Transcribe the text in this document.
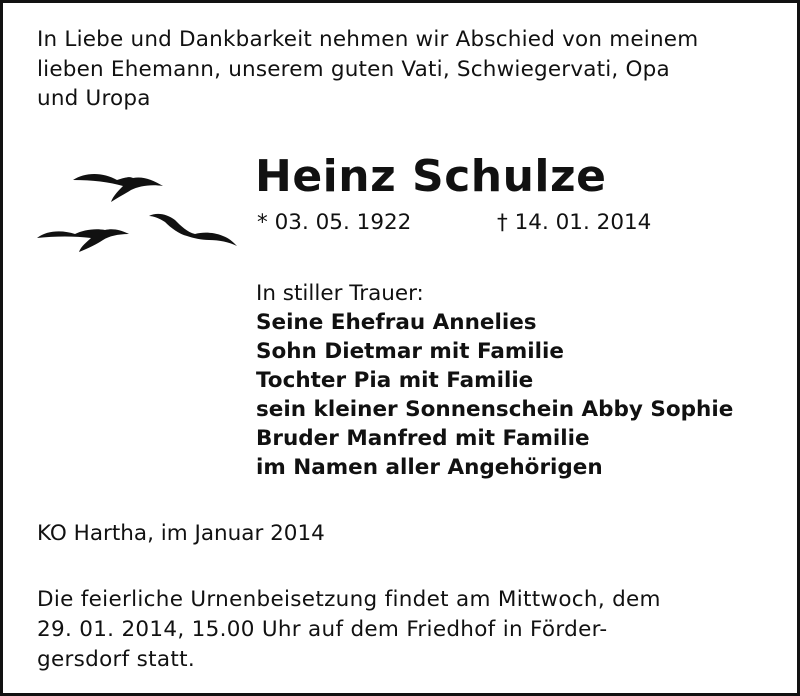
In Liebe und Dankbarkeit nehmen wir Abschied von meinem
lieben Ehemann, unserem guten Vati, Schwiegervati, Opa
und Uropa
Heinz Schulze
* 03. 05. 1922	† 14. 01. 2014
In stiller Trauer:
Seine Ehefrau Annelies
Sohn Dietmar mit Familie
Tochter Pia mit Familie
sein kleiner Sonnenschein Abby Sophie
Bruder Manfred mit Familie
im Namen aller Angehörigen
KO Hartha, im Januar 2014
Die feierliche Urnenbeisetzung findet am Mittwoch, dem
29. 01. 2014, 15.00 Uhr auf dem Friedhof in Förder-
gersdorf statt.
